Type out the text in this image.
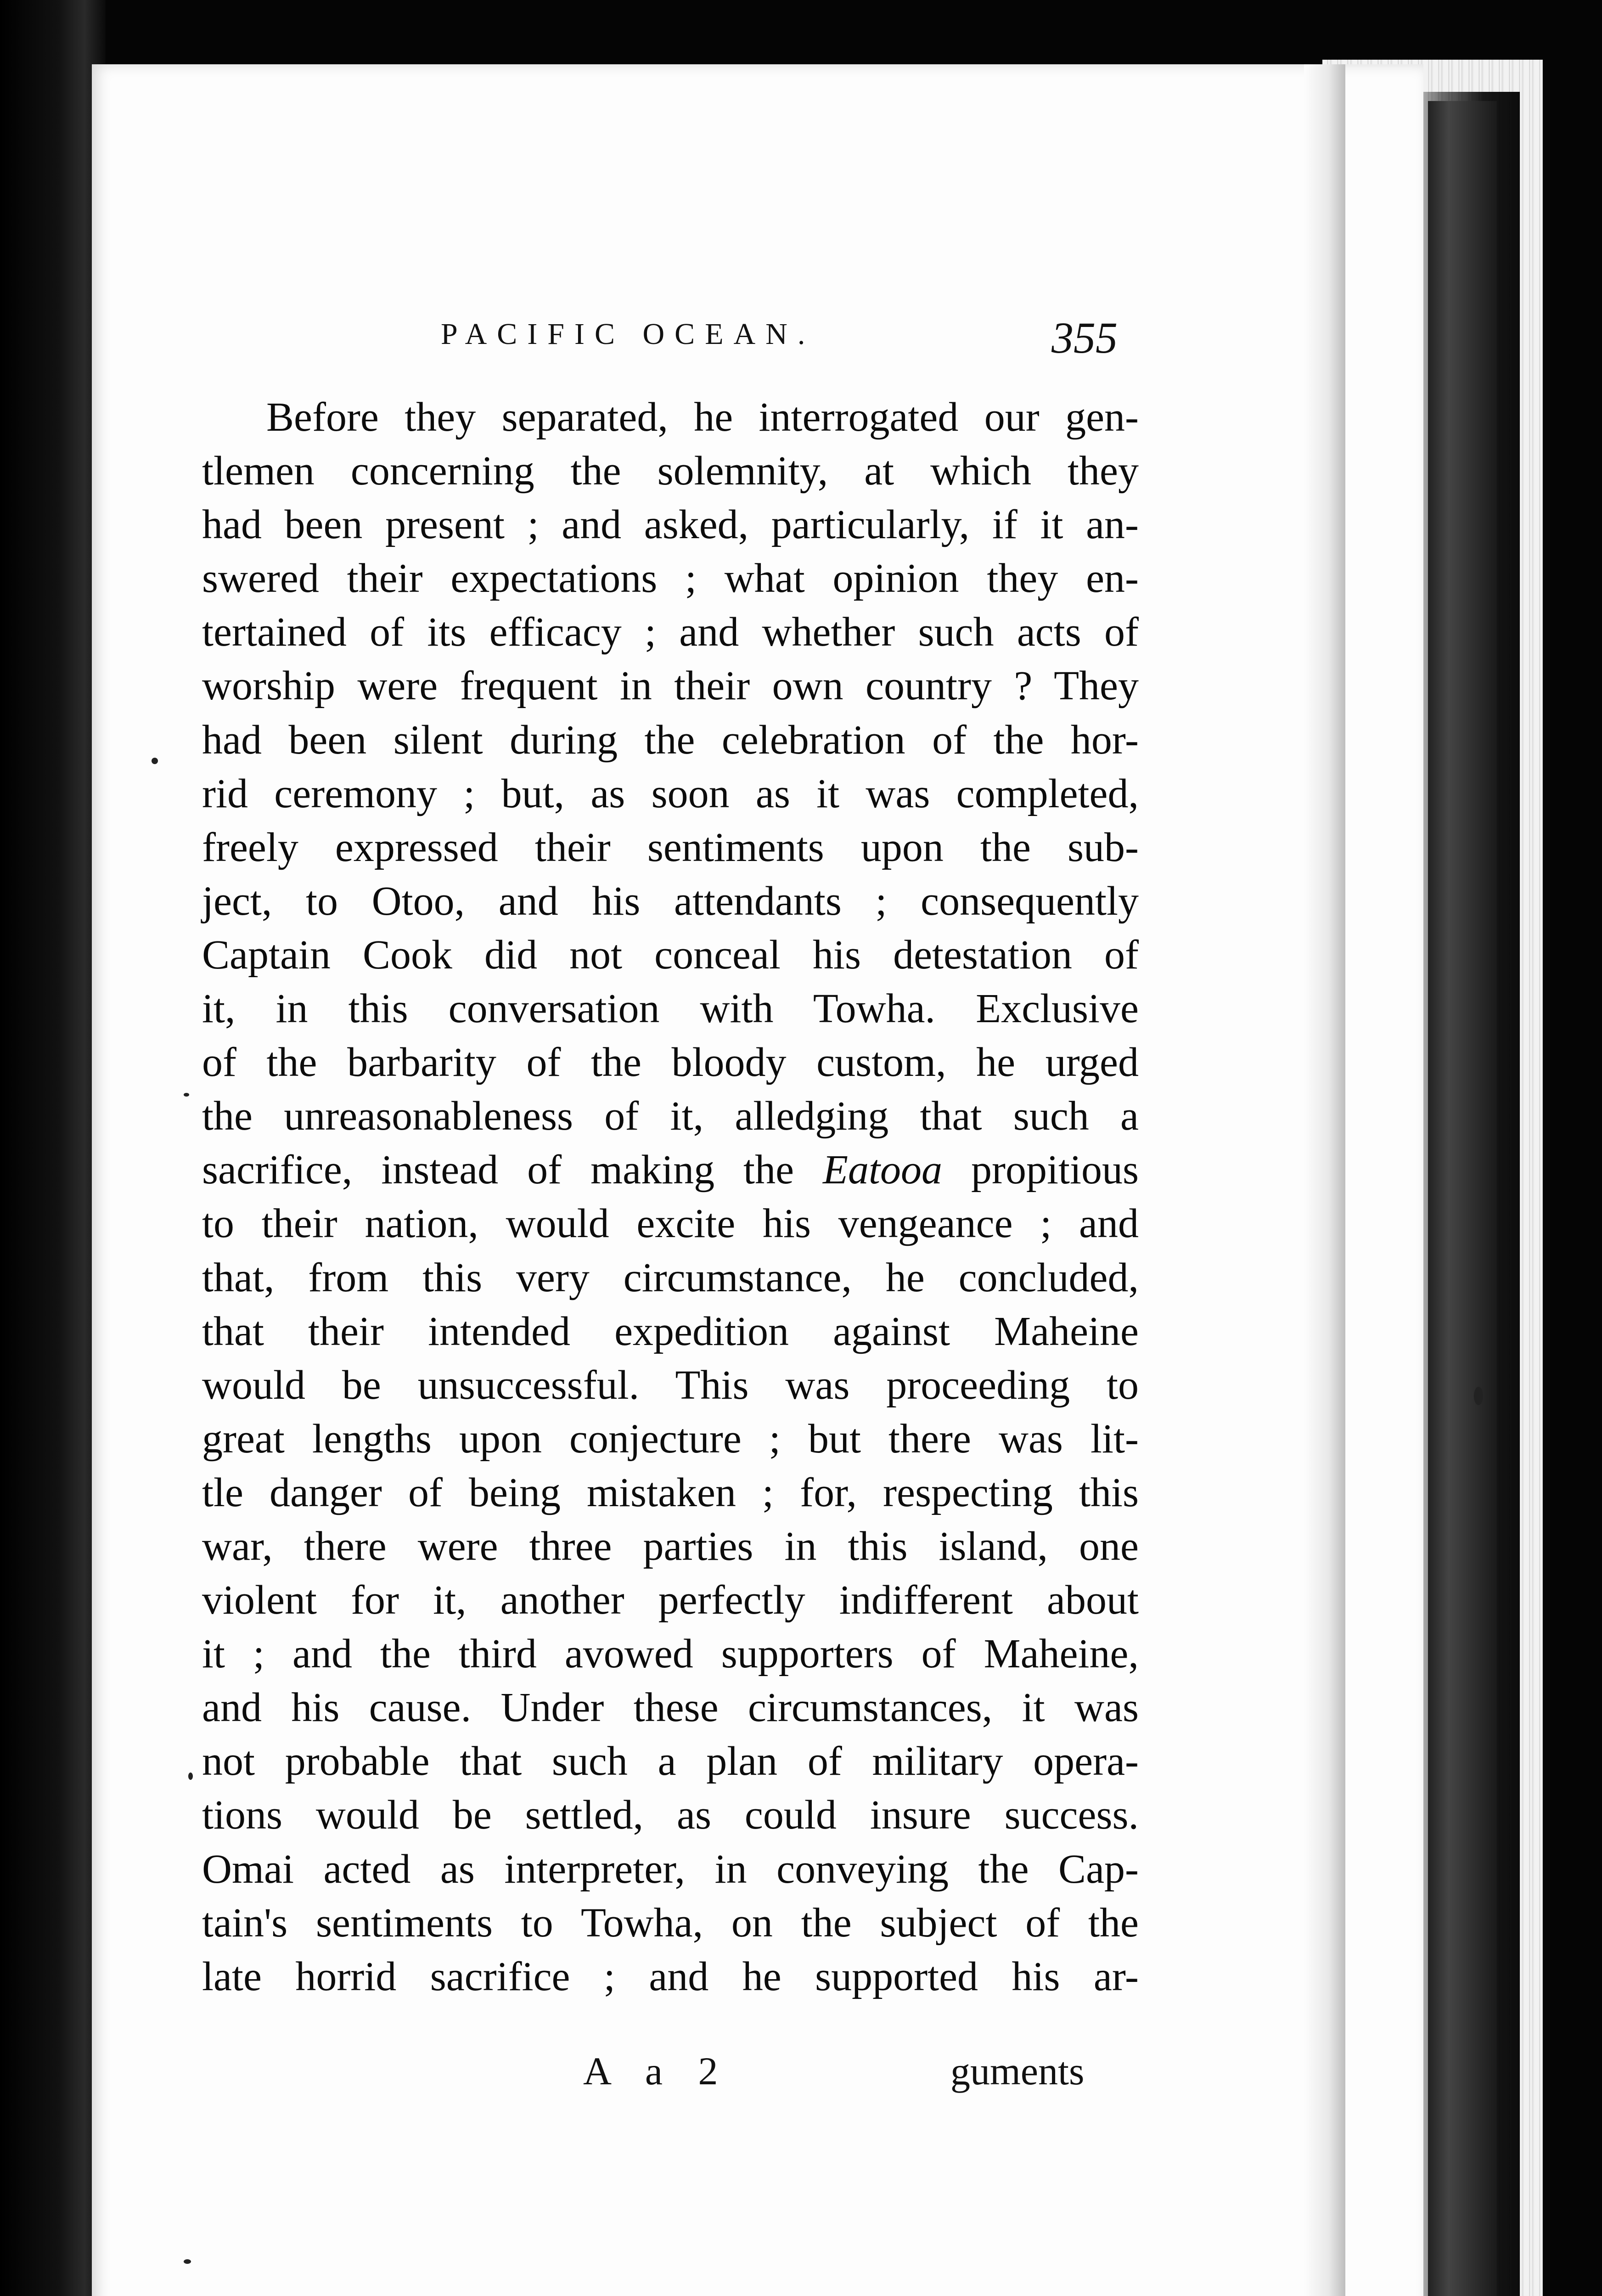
PACIFIC OCEAN.	355
Before they separated, he interrogated our gen-
tlemen concerning the solemnity, at which they
had been present ; and asked, particularly, if it an-
swered their expectations ; what opinion they en-
tertained of its efficacy ; and whether such acts of
worship were frequent in their own country ? They
had been silent during the celebration of the hor-
rid ceremony ; but, as soon as it was completed,
freely expressed their sentiments upon the sub-
ject, to Otoo, and his attendants ; consequently
Captain Cook did not conceal his detestation of
it, in this conversation with Towha. Exclusive
of the barbarity of the bloody custom, he urged
the unreasonableness of it, alledging that such a
sacrifice, instead of making the Eatooa propitious
to their nation, would excite his vengeance ; and
that, from this very circumstance, he concluded,
that their intended expedition against Maheine
would be unsuccessful. This was proceeding to
great lengths upon conjecture ; but there was lit-
tle danger of being mistaken ; for, respecting this
war, there were three parties in this island, one
violent for it, another perfectly indifferent about
it ; and the third avowed supporters of Maheine,
and his cause. Under these circumstances, it was
not probable that such a plan of military opera-
tions would be settled, as could insure success.
Omai acted as interpreter, in conveying the Cap-
tain's sentiments to Towha, on the subject of the
late horrid sacrifice ; and he supported his ar-
A a 2	guments
